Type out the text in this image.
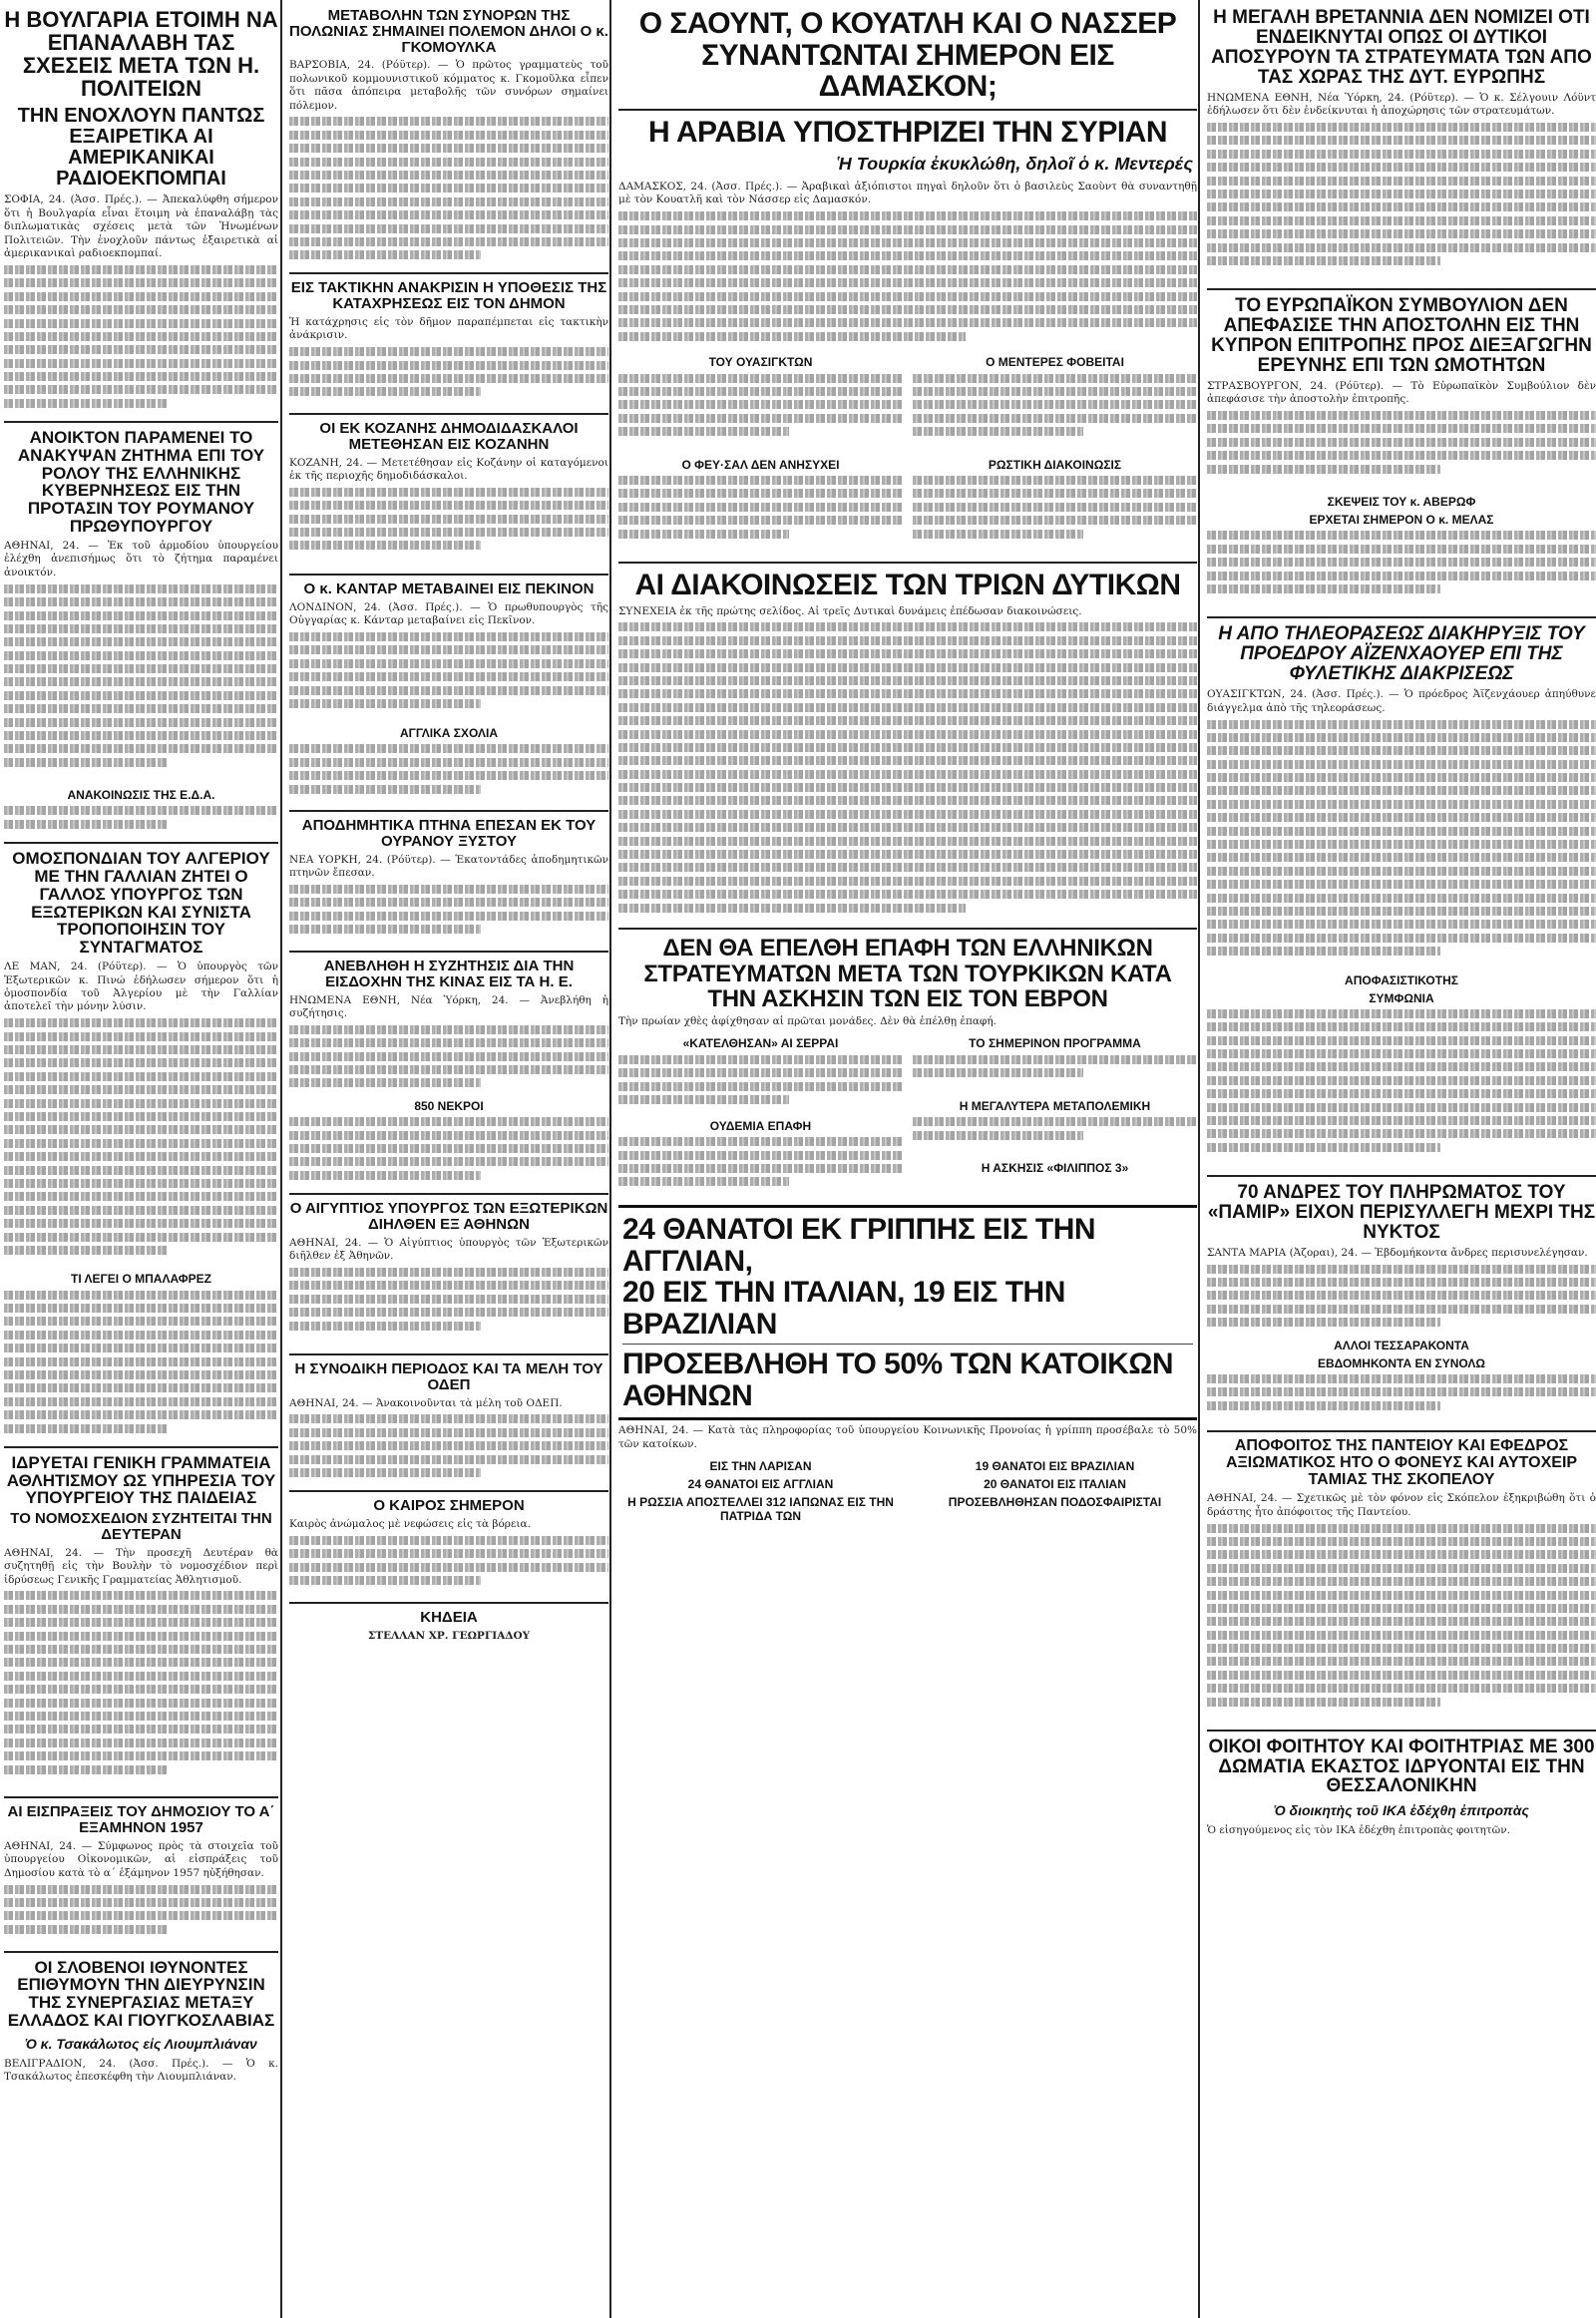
Η ΒΟΥΛΓΑΡΙΑ ΕΤΟΙΜΗ ΝΑ ΕΠΑΝΑΛΑΒΗ ΤΑΣ ΣΧΕΣΕΙΣ ΜΕΤΑ ΤΩΝ Η. ΠΟΛΙΤΕΙΩΝ
ΤΗΝ ΕΝΟΧΛΟΥΝ ΠΑΝΤΩΣ ΕΞΑΙΡΕΤΙΚΑ ΑΙ ΑΜΕΡΙΚΑΝΙΚΑΙ ΡΑΔΙΟΕΚΠΟΜΠΑΙ

ΣΟΦΙΑ, 24. (Ἀσσ. Πρές.). — Ἀπεκαλύφθη σήμερον ὅτι ἡ Βουλγαρία εἶναι ἕτοιμη νὰ ἐπαναλάβῃ τὰς διπλωματικὰς σχέσεις μετὰ τῶν Ἡνωμένων Πολιτειῶν. Τὴν ἐνοχλοῦν πάντως ἐξαιρετικὰ αἱ ἀμερικανικαὶ ραδιοεκπομπαί.

ΑΝΟΙΚΤΟΝ ΠΑΡΑΜΕΝΕΙ ΤΟ ΑΝΑΚΥΨΑΝ ΖΗΤΗΜΑ ΕΠΙ ΤΟΥ ΡΟΛΟΥ ΤΗΣ ΕΛΛΗΝΙΚΗΣ ΚΥΒΕΡΝΗΣΕΩΣ ΕΙΣ ΤΗΝ ΠΡΟΤΑΣΙΝ ΤΟΥ ΡΟΥΜΑΝΟΥ ΠΡΩΘΥΠΟΥΡΓΟΥ

ΑΘΗΝΑΙ, 24. — Ἐκ τοῦ ἀρμοδίου ὑπουργείου ἐλέχθη ἀνεπισήμως ὅτι τὸ ζήτημα παραμένει ἀνοικτόν.

ΑΝΑΚΟΙΝΩΣΙΣ ΤΗΣ Ε.Δ.Α.
ΟΜΟΣΠΟΝΔΙΑΝ ΤΟΥ ΑΛΓΕΡΙΟΥ ΜΕ ΤΗΝ ΓΑΛΛΙΑΝ ΖΗΤΕΙ Ο ΓΑΛΛΟΣ ΥΠΟΥΡΓΟΣ ΤΩΝ ΕΞΩΤΕΡΙΚΩΝ ΚΑΙ ΣΥΝΙΣΤΑ ΤΡΟΠΟΠΟΙΗΣΙΝ ΤΟΥ ΣΥΝΤΑΓΜΑΤΟΣ

ΛΕ ΜΑΝ, 24. (Ρόϋτερ). — Ὁ ὑπουργὸς τῶν Ἐξωτερικῶν κ. Πινώ ἐδήλωσεν σήμερον ὅτι ἡ ὁμοσπονδία τοῦ Ἀλγερίου μὲ τὴν Γαλλίαν ἀποτελεῖ τὴν μόνην λύσιν.

ΤΙ ΛΕΓΕΙ Ο ΜΠΑΛΑΦΡΕΖ
ΙΔΡΥΕΤΑΙ ΓΕΝΙΚΗ ΓΡΑΜΜΑΤΕΙΑ ΑΘΛΗΤΙΣΜΟΥ ΩΣ ΥΠΗΡΕΣΙΑ ΤΟΥ ΥΠΟΥΡΓΕΙΟΥ ΤΗΣ ΠΑΙΔΕΙΑΣ
ΤΟ ΝΟΜΟΣΧΕΔΙΟΝ ΣΥΖΗΤΕΙΤΑΙ ΤΗΝ ΔΕΥΤΕΡΑΝ

ΑΘΗΝΑΙ, 24. — Τὴν προσεχῆ Δευτέραν θὰ συζητηθῇ εἰς τὴν Βουλὴν τὸ νομοσχέδιον περὶ ἱδρύσεως Γενικῆς Γραμματείας Ἀθλητισμοῦ.

ΑΙ ΕΙΣΠΡΑΞΕΙΣ ΤΟΥ ΔΗΜΟΣΙΟΥ ΤΟ Α΄ ΕΞΑΜΗΝΟΝ 1957

ΑΘΗΝΑΙ, 24. — Σύμφωνος πρὸς τὰ στοιχεῖα τοῦ ὑπουργείου Οἰκονομικῶν, αἱ εἰσπράξεις τοῦ Δημοσίου κατὰ τὸ α΄ ἑξάμηνον 1957 ηὐξήθησαν.

ΟΙ ΣΛΟΒΕΝΟΙ ΙΘΥΝΟΝΤΕΣ ΕΠΙΘΥΜΟΥΝ ΤΗΝ ΔΙΕΥΡΥΝΣΙΝ ΤΗΣ ΣΥΝΕΡΓΑΣΙΑΣ ΜΕΤΑΞΥ ΕΛΛΑΔΟΣ ΚΑΙ ΓΙΟΥΓΚΟΣΛΑΒΙΑΣ
Ὁ κ. Τσακάλωτος εἰς Λιουμπλιάναν

ΒΕΛΙΓΡΑΔΙΟΝ, 24. (Ἀσσ. Πρές.). — Ὁ κ. Τσακάλωτος ἐπεσκέφθη τὴν Λιουμπλιάναν.

ΜΕΤΑΒΟΛΗΝ ΤΩΝ ΣΥΝΟΡΩΝ ΤΗΣ ΠΟΛΩΝΙΑΣ ΣΗΜΑΙΝΕΙ ΠΟΛΕΜΟΝ ΔΗΛΟΙ Ο κ. ΓΚΟΜΟΥΛΚΑ

ΒΑΡΣΟΒΙΑ, 24. (Ρόϋτερ). — Ὁ πρῶτος γραμματεὺς τοῦ πολωνικοῦ κομμουνιστικοῦ κόμματος κ. Γκομοῦλκα εἶπεν ὅτι πᾶσα ἀπόπειρα μεταβολῆς τῶν συνόρων σημαίνει πόλεμον.

ΕΙΣ ΤΑΚΤΙΚΗΝ ΑΝΑΚΡΙΣΙΝ Η ΥΠΟΘΕΣΙΣ ΤΗΣ ΚΑΤΑΧΡΗΣΕΩΣ ΕΙΣ ΤΟΝ ΔΗΜΟΝ

Ἡ κατάχρησις εἰς τὸν δῆμον παραπέμπεται εἰς τακτικὴν ἀνάκρισιν.

ΟΙ ΕΚ ΚΟΖΑΝΗΣ ΔΗΜΟΔΙΔΑΣΚΑΛΟΙ ΜΕΤΕΘΗΣΑΝ ΕΙΣ ΚΟΖΑΝΗΝ

ΚΟΖΑΝΗ, 24. — Μετετέθησαν εἰς Κοζάνην οἱ καταγόμενοι ἐκ τῆς περιοχῆς δημοδιδάσκαλοι.

Ο κ. ΚΑΝΤΑΡ ΜΕΤΑΒΑΙΝΕΙ ΕΙΣ ΠΕΚΙΝΟΝ

ΛΟΝΔΙΝΟΝ, 24. (Ἀσσ. Πρές.). — Ὁ πρωθυπουργὸς τῆς Οὐγγαρίας κ. Κάνταρ μεταβαίνει εἰς Πεκῖνον.

ΑΓΓΛΙΚΑ ΣΧΟΛΙΑ
ΑΠΟΔΗΜΗΤΙΚΑ ΠΤΗΝΑ ΕΠΕΣΑΝ ΕΚ ΤΟΥ ΟΥΡΑΝΟΥ ΞΥΣΤΟΥ

ΝΕΑ ΥΟΡΚΗ, 24. (Ρόϋτερ). — Ἑκατοντάδες ἀποδημητικῶν πτηνῶν ἔπεσαν.

ΑΝΕΒΛΗΘΗ Η ΣΥΖΗΤΗΣΙΣ ΔΙΑ ΤΗΝ ΕΙΣΔΟΧΗΝ ΤΗΣ ΚΙΝΑΣ ΕΙΣ ΤΑ Η. Ε.

ΗΝΩΜΕΝΑ ΕΘΝΗ, Νέα Ὑόρκη, 24. — Ἀνεβλήθη ἡ συζήτησις.

850 ΝΕΚΡΟΙ
Ο ΑΙΓΥΠΤΙΟΣ ΥΠΟΥΡΓΟΣ ΤΩΝ ΕΞΩΤΕΡΙΚΩΝ ΔΙΗΛΘΕΝ ΕΞ ΑΘΗΝΩΝ

ΑΘΗΝΑΙ, 24. — Ὁ Αἰγύπτιος ὑπουργὸς τῶν Ἐξωτερικῶν διῆλθεν ἐξ Ἀθηνῶν.

Η ΣΥΝΟΔΙΚΗ ΠΕΡΙΟΔΟΣ ΚΑΙ ΤΑ ΜΕΛΗ ΤΟΥ ΟΔΕΠ

ΑΘΗΝΑΙ, 24. — Ἀνακοινοῦνται τὰ μέλη τοῦ ΟΔΕΠ.

Ο ΚΑΙΡΟΣ ΣΗΜΕΡΟΝ

Καιρὸς ἀνώμαλος μὲ νεφώσεις εἰς τὰ βόρεια.

ΚΗΔΕΙΑ

ΣΤΕΛΛΑΝ ΧΡ. ΓΕΩΡΓΙΑΔΟΥ

Ο ΣΑΟΥΝΤ, Ο ΚΟΥΑΤΛΗ ΚΑΙ Ο ΝΑΣΣΕΡ ΣΥΝΑΝΤΩΝΤΑΙ ΣΗΜΕΡΟΝ ΕΙΣ ΔΑΜΑΣΚΟΝ;
Η ΑΡΑΒΙΑ ΥΠΟΣΤΗΡΙΖΕΙ ΤΗΝ ΣΥΡΙΑΝ
Ἡ Τουρκία ἐκυκλώθη, δηλοῖ ὁ κ. Μεντερές

ΔΑΜΑΣΚΟΣ, 24. (Ἀσσ. Πρές.). — Ἀραβικαὶ ἀξιόπιστοι πηγαὶ δηλοῦν ὅτι ὁ βασιλεὺς Σαοὺντ θὰ συναντηθῇ μὲ τὸν Κουατλῆ καὶ τὸν Νάσσερ εἰς Δαμασκόν.

ΤΟΥ ΟΥΑΣΙΓΚΤΩΝ
Ο ΦΕΥ·ΣΑΛ ΔΕΝ ΑΝΗΣΥΧΕΙ
Ο ΜΕΝΤΕΡΕΣ ΦΟΒΕΙΤΑΙ
ΡΩΣΤΙΚΗ ΔΙΑΚΟΙΝΩΣΙΣ
ΑΙ ΔΙΑΚΟΙΝΩΣΕΙΣ ΤΩΝ ΤΡΙΩΝ ΔΥΤΙΚΩΝ

ΣΥΝΕΧΕΙΑ ἐκ τῆς πρώτης σελίδος. Αἱ τρεῖς Δυτικαὶ δυνάμεις ἐπέδωσαν διακοινώσεις.

ΔΕΝ ΘΑ ΕΠΕΛΘΗ ΕΠΑΦΗ ΤΩΝ ΕΛΛΗΝΙΚΩΝ ΣΤΡΑΤΕΥΜΑΤΩΝ ΜΕΤΑ ΤΩΝ ΤΟΥΡΚΙΚΩΝ ΚΑΤΑ ΤΗΝ ΑΣΚΗΣΙΝ ΤΩΝ ΕΙΣ ΤΟΝ ΕΒΡΟΝ

Τὴν πρωίαν χθὲς ἀφίχθησαν αἱ πρῶται μονάδες. Δὲν θὰ ἐπέλθῃ ἐπαφή.

«ΚΑΤΕΛΘΗΣΑΝ» ΑΙ ΣΕΡΡΑΙ
ΟΥΔΕΜΙΑ ΕΠΑΦΗ
ΤΟ ΣΗΜΕΡΙΝΟΝ ΠΡΟΓΡΑΜΜΑ
Η ΜΕΓΑΛΥΤΕΡΑ ΜΕΤΑΠΟΛΕΜΙΚΗ
Η ΑΣΚΗΣΙΣ «ΦΙΛΙΠΠΟΣ 3»
24 ΘΑΝΑΤΟΙ ΕΚ ΓΡΙΠΠΗΣ ΕΙΣ ΤΗΝ ΑΓΓΛΙΑΝ,
20 ΕΙΣ ΤΗΝ ΙΤΑΛΙΑΝ, 19 ΕΙΣ ΤΗΝ ΒΡΑΖΙΛΙΑΝ
ΠΡΟΣΕΒΛΗΘΗ ΤΟ 50% ΤΩΝ ΚΑΤΟΙΚΩΝ ΑΘΗΝΩΝ

ΑΘΗΝΑΙ, 24. — Κατὰ τὰς πληροφορίας τοῦ ὑπουργείου Κοινωνικῆς Προνοίας ἡ γρίππη προσέβαλε τὸ 50% τῶν κατοίκων.

ΕΙΣ ΤΗΝ ΛΑΡΙΣΑΝ
24 ΘΑΝΑΤΟΙ ΕΙΣ ΑΓΓΛΙΑΝ
Η ΡΩΣΣΙΑ ΑΠΟΣΤΕΛΛΕΙ 312 ΙΑΠΩΝΑΣ ΕΙΣ ΤΗΝ ΠΑΤΡΙΔΑ ΤΩΝ
19 ΘΑΝΑΤΟΙ ΕΙΣ ΒΡΑΖΙΛΙΑΝ
20 ΘΑΝΑΤΟΙ ΕΙΣ ΙΤΑΛΙΑΝ
ΠΡΟΣΕΒΛΗΘΗΣΑΝ ΠΟΔΟΣΦΑΙΡΙΣΤΑΙ
Η ΜΕΓΑΛΗ ΒΡΕΤΑΝΝΙΑ ΔΕΝ ΝΟΜΙΖΕΙ ΟΤΙ ΕΝΔΕΙΚΝΥΤΑΙ ΟΠΩΣ ΟΙ ΔΥΤΙΚΟΙ ΑΠΟΣΥΡΟΥΝ ΤΑ ΣΤΡΑΤΕΥΜΑΤΑ ΤΩΝ ΑΠΟ ΤΑΣ ΧΩΡΑΣ ΤΗΣ ΔΥΤ. ΕΥΡΩΠΗΣ

ΗΝΩΜΕΝΑ ΕΘΝΗ, Νέα Ὑόρκη, 24. (Ρόϋτερ). — Ὁ κ. Σέλγουιν Λόϋντ ἐδήλωσεν ὅτι δὲν ἐνδείκνυται ἡ ἀποχώρησις τῶν στρατευμάτων.

ΤΟ ΕΥΡΩΠΑΪΚΟΝ ΣΥΜΒΟΥΛΙΟΝ ΔΕΝ ΑΠΕΦΑΣΙΣΕ ΤΗΝ ΑΠΟΣΤΟΛΗΝ ΕΙΣ ΤΗΝ ΚΥΠΡΟΝ ΕΠΙΤΡΟΠΗΣ ΠΡΟΣ ΔΙΕΞΑΓΩΓΗΝ ΕΡΕΥΝΗΣ ΕΠΙ ΤΩΝ ΩΜΟΤΗΤΩΝ

ΣΤΡΑΣΒΟΥΡΓΟΝ, 24. (Ρόϋτερ). — Τὸ Εὐρωπαϊκὸν Συμβούλιον δὲν ἀπεφάσισε τὴν ἀποστολὴν ἐπιτροπῆς.

ΣΚΕΨΕΙΣ ΤΟΥ κ. ΑΒΕΡΩΦ
ΕΡΧΕΤΑΙ ΣΗΜΕΡΟΝ Ο κ. ΜΕΛΑΣ
Η ΑΠΟ ΤΗΛΕΟΡΑΣΕΩΣ ΔΙΑΚΗΡΥΞΙΣ ΤΟΥ ΠΡΟΕΔΡΟΥ ΑΪΖΕΝΧΑΟΥΕΡ ΕΠΙ ΤΗΣ ΦΥΛΕΤΙΚΗΣ ΔΙΑΚΡΙΣΕΩΣ

ΟΥΑΣΙΓΚΤΩΝ, 24. (Ἀσσ. Πρές.). — Ὁ πρόεδρος Ἀϊζενχάουερ ἀπηύθυνε διάγγελμα ἀπὸ τῆς τηλεοράσεως.

ΑΠΟΦΑΣΙΣΤΙΚΟΤΗΣ
ΣΥΜΦΩΝΙΑ
70 ΑΝΔΡΕΣ ΤΟΥ ΠΛΗΡΩΜΑΤΟΣ ΤΟΥ «ΠΑΜΙΡ» ΕΙΧΟΝ ΠΕΡΙΣΥΛΛΕΓΗ ΜΕΧΡΙ ΤΗΣ ΝΥΚΤΟΣ

ΣΑΝΤΑ ΜΑΡΙΑ (Ἀζοραι), 24. — Ἑβδομήκοντα ἄνδρες περισυνελέγησαν.

ΑΛΛΟΙ ΤΕΣΣΑΡΑΚΟΝΤΑ
ΕΒΔΟΜΗΚΟΝΤΑ ΕΝ ΣΥΝΟΛΩ
ΑΠΟΦΟΙΤΟΣ ΤΗΣ ΠΑΝΤΕΙΟΥ ΚΑΙ ΕΦΕΔΡΟΣ ΑΞΙΩΜΑΤΙΚΟΣ ΗΤΟ Ο ΦΟΝΕΥΣ ΚΑΙ ΑΥΤΟΧΕΙΡ ΤΑΜΙΑΣ ΤΗΣ ΣΚΟΠΕΛΟΥ

ΑΘΗΝΑΙ, 24. — Σχετικῶς μὲ τὸν φόνον εἰς Σκόπελον ἐξηκριβώθη ὅτι ὁ δράστης ἦτο ἀπόφοιτος τῆς Παντείου.

ΟΙΚΟΙ ΦΟΙΤΗΤΟΥ ΚΑΙ ΦΟΙΤΗΤΡΙΑΣ ΜΕ 300 ΔΩΜΑΤΙΑ ΕΚΑΣΤΟΣ ΙΔΡΥΟΝΤΑΙ ΕΙΣ ΤΗΝ ΘΕΣΣΑΛΟΝΙΚΗΝ
Ὁ διοικητὴς τοῦ ΙΚΑ ἐδέχθη ἐπιτροπὰς

Ὁ εἰσηγούμενος εἰς τὸν ΙΚΑ ἐδέχθη ἐπιτροπὰς φοιτητῶν.
